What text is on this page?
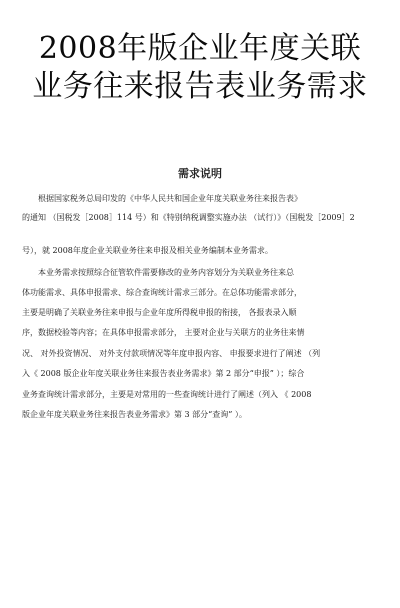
2008年版企业年度关联
业务往来报告表业务需求
需求说明

根据国家税务总局印发的《中华人民共和国企业年度关联业务往来报告表》

的通知 （国税发［2008］114 号）和《特别纳税调整实施办法 （试行）》（国税发［2009］2

号），就 2008年度企业关联业务往来申报及相关业务编制本业务需求。

本业务需求按照综合征管软件需要修改的业务内容划分为关联业务往来总

体功能需求、具体申报需求、综合查询统计需求三部分。在总体功能需求部分，

主要是明确了关联业务往来申报与企业年度所得税申报的衔接， 各报表录入顺

序，数据校验等内容；在具体申报需求部分， 主要对企业与关联方的业务往来情

况、 对外投资情况、 对外支付款项情况等年度申报内容、 申报要求进行了阐述 （列

入《 2008 版企业年度关联业务往来报告表业务需求》第 2 部分“申报” ）；综合

业务查询统计需求部分，主要是对常用的一些查询统计进行了阐述（列入 《 2008

版企业年度关联业务往来报告表业务需求》第 3 部分“查询” ）。
